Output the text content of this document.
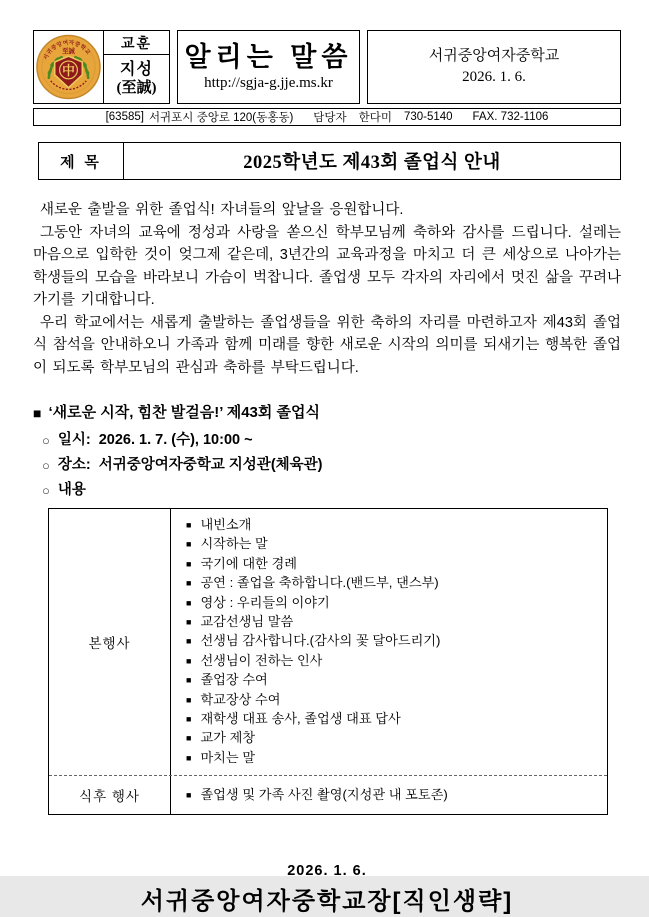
서귀중앙여자중학교
至誠
中
교훈
지성
(至誠)
알리는 말씀
http://sgja-g.jje.ms.kr
서귀중앙여자중학교
2026. 1. 6.
[63585] 서귀포시 중앙로 120(동홍동) 담당자 한다미 730-5140 FAX. 732-1106
제 목	2025학년도 제43회 졸업식 안내

새로운 출발을 위한 졸업식! 자녀들의 앞날을 응원합니다.

그동안 자녀의 교육에 정성과 사랑을 쏟으신 학부모님께 축하와 감사를 드립니다. 설레는 마음으로 입학한 것이 엊그제 같은데, 3년간의 교육과정을 마치고 더 큰 세상으로 나아가는 학생들의 모습을 바라보니 가슴이 벅찹니다. 졸업생 모두 각자의 자리에서 멋진 삶을 꾸려나가기를 기대합니다.

우리 학교에서는 새롭게 출발하는 졸업생들을 위한 축하의 자리를 마련하고자 제43회 졸업식 참석을 안내하오니 가족과 함께 미래를 향한 새로운 시작의 의미를 되새기는 행복한 졸업이 되도록 학부모님의 관심과 축하를 부탁드립니다.

■ ‘새로운 시작, 힘찬 발걸음!’ 제43회 졸업식
○ 일시: 2026. 1. 7. (수), 10:00 ~
○ 장소: 서귀중앙여자중학교 지성관(체육관)
○ 내용
본행사
■ 내빈소개
■ 시작하는 말
■ 국기에 대한 경례
■ 공연 : 졸업을 축하합니다.(밴드부, 댄스부)
■ 영상 : 우리들의 이야기
■ 교감선생님 말씀
■ 선생님 감사합니다.(감사의 꽃 달아드리기)
■ 선생님이 전하는 인사
■ 졸업장 수여
■ 학교장상 수여
■ 재학생 대표 송사, 졸업생 대표 답사
■ 교가 제창
■ 마치는 말
식후 행사	■ 졸업생 및 가족 사진 촬영(지성관 내 포토존)
2026. 1. 6.
서귀중앙여자중학교장[직인생략]
